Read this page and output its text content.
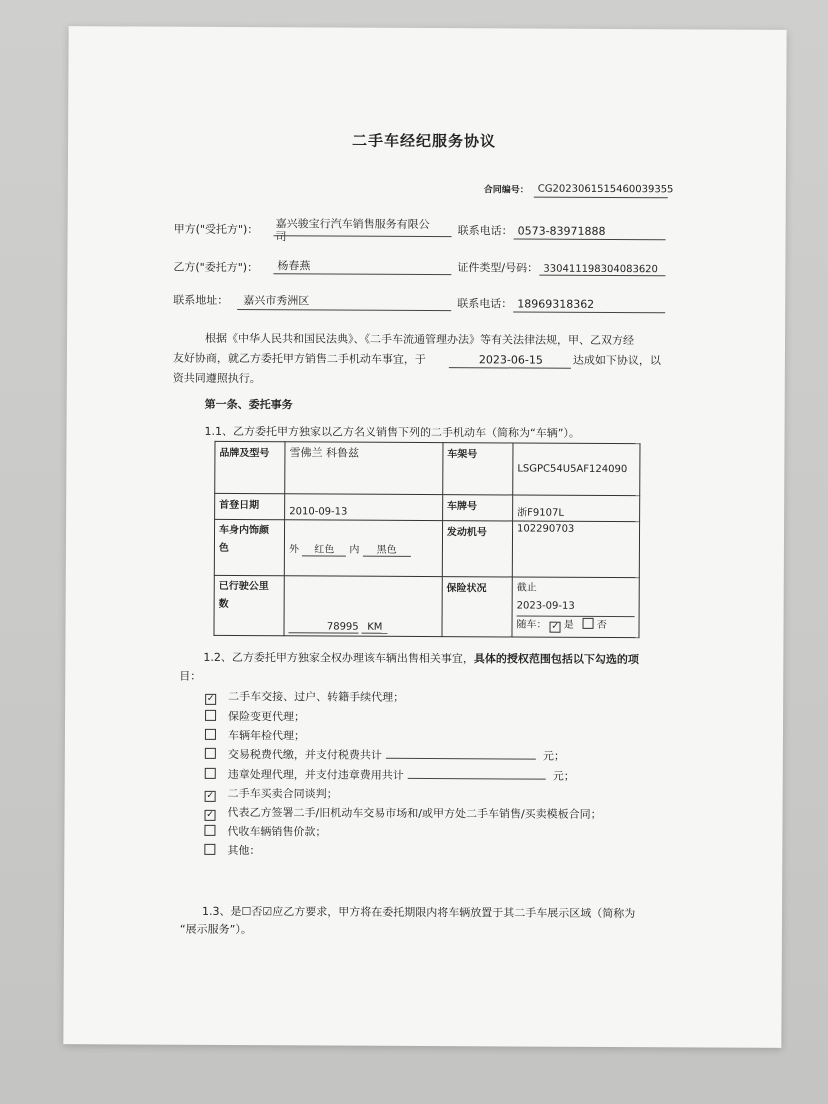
二手车经纪服务协议
合同编号： CG2023061515460039355
甲方("受托方")： 嘉兴骏宝行汽车销售服务有限公
司	联系电话： 0573-83971888
乙方("委托方")： 杨春燕	证件类型/号码： 330411198304083620
联系地址： 嘉兴市秀洲区	联系电话： 18969318362
根据《中华人民共和国民法典》、《二手车流通管理办法》等有关法律法规，甲、乙双方经
友好协商，就乙方委托甲方销售二手机动车事宜，于	2023-06-15	达成如下协议，以
资共同遵照执行。
第一条、委托事务
1.1、乙方委托甲方独家以乙方名义销售下列的二手机动车（简称为“车辆”）。
品牌及型号	雪佛兰 科鲁兹	车架号	LSGPC54U5AF124090
首登日期	2010-09-13	车牌号	浙F9107L
车身内饰颜
色	外 红色 内 黑色	发动机号	102290703
已行驶公里
数	78995 KM	保险状况	截止 2023-09-13
随车： ✓ 是 否
1.2、乙方委托甲方独家全权办理该车辆出售相关事宜，具体的授权范围包括以下勾选的项
目：
✓ 二手车交接、过户、转籍手续代理；
保险变更代理；
车辆年检代理；
交易税费代缴，并支付税费共计	元；
违章处理代理，并支付违章费用共计	元；
✓ 二手车买卖合同谈判；
✓ 代表乙方签署二手/旧机动车交易市场和/或甲方处二手车销售/买卖模板合同；
代收车辆销售价款；
其他：
1.3、是☐否☑应乙方要求，甲方将在委托期限内将车辆放置于其二手车展示区域（简称为
“展示服务”）。
